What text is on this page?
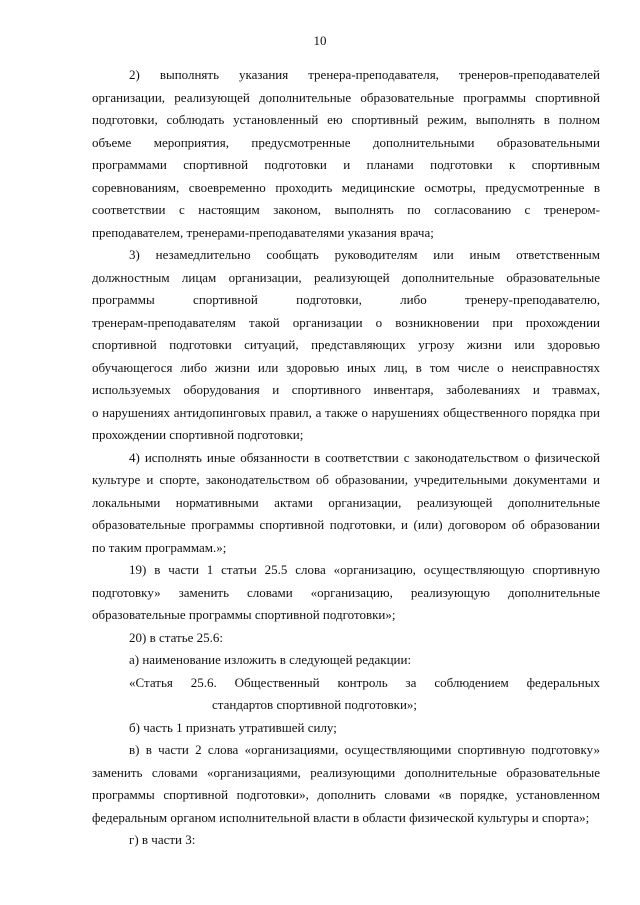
10

2) выполнять указания тренера-преподавателя, тренеров-преподавателей
организации, реализующей дополнительные образовательные программы спортивной
подготовки, соблюдать установленный ею спортивный режим, выполнять в полном
объеме мероприятия, предусмотренные дополнительными образовательными
программами спортивной подготовки и планами подготовки к спортивным
соревнованиям, своевременно проходить медицинские осмотры, предусмотренные в
соответствии с настоящим законом, выполнять по согласованию с тренером-
преподавателем, тренерами-преподавателями указания врача;

3) незамедлительно сообщать руководителям или иным ответственным
должностным лицам организации, реализующей дополнительные образовательные
программы спортивной подготовки, либо тренеру-преподавателю,
тренерам-преподавателям такой организации о возникновении при прохождении
спортивной подготовки ситуаций, представляющих угрозу жизни или здоровью
обучающегося либо жизни или здоровью иных лиц, в том числе о неисправностях
используемых оборудования и спортивного инвентаря, заболеваниях и травмах,
о нарушениях антидопинговых правил, а также о нарушениях общественного порядка при
прохождении спортивной подготовки;

4) исполнять иные обязанности в соответствии с законодательством о физической
культуре и спорте, законодательством об образовании, учредительными документами и
локальными нормативными актами организации, реализующей дополнительные
образовательные программы спортивной подготовки, и (или) договором об образовании
по таким программам.»;

19) в части 1 статьи 25.5 слова «организацию, осуществляющую спортивную
подготовку» заменить словами «организацию, реализующую дополнительные
образовательные программы спортивной подготовки»;

20) в статье 25.6:

а) наименование изложить в следующей редакции:

«Статья 25.6. Общественный контроль за соблюдением федеральных
стандартов спортивной подготовки»;

б) часть 1 признать утратившей силу;

в) в части 2 слова «организациями, осуществляющими спортивную подготовку»
заменить словами «организациями, реализующими дополнительные образовательные
программы спортивной подготовки», дополнить словами «в порядке, установленном
федеральным органом исполнительной власти в области физической культуры и спорта»;

г) в части 3:
